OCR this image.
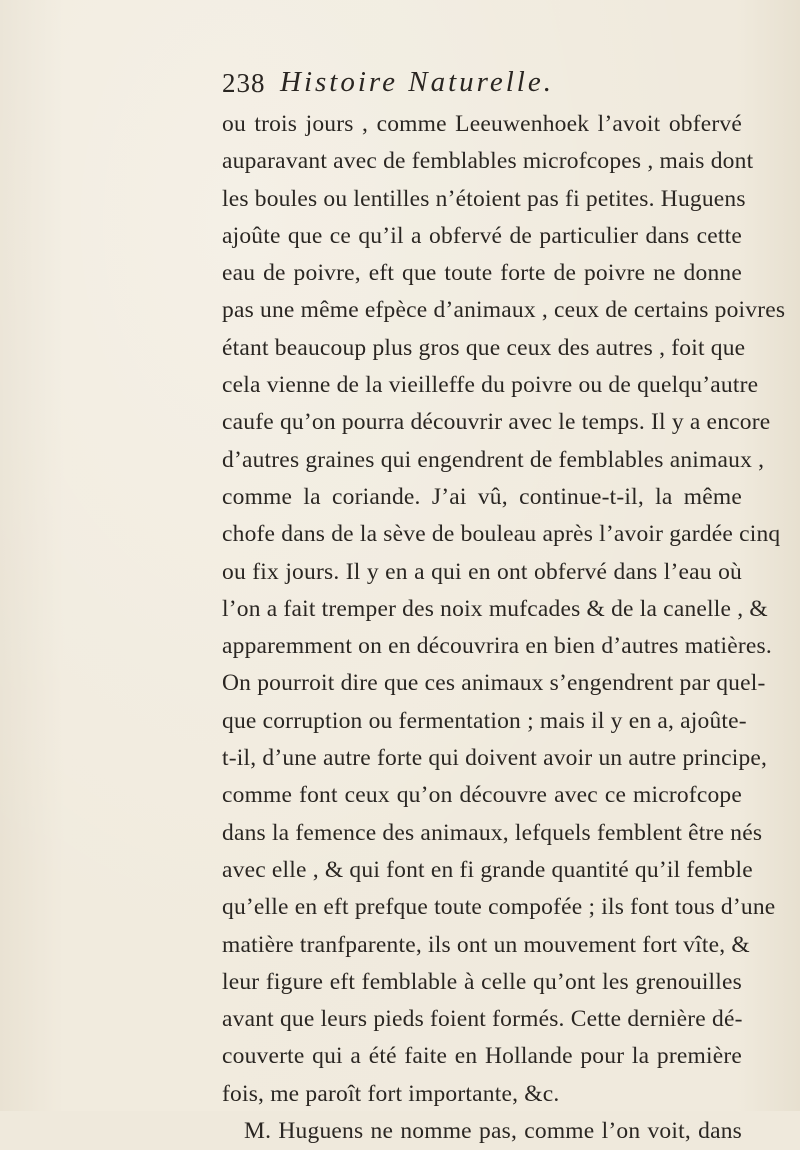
238 Histoire Naturelle.
ou trois jours , comme Leeuwenhoek l’avoit obfervé
auparavant avec de femblables microfcopes , mais dont
les boules ou lentilles n’étoient pas fi petites. Huguens
ajoûte que ce qu’il a obfervé de particulier dans cette
eau de poivre, eft que toute forte de poivre ne donne
pas une même efpèce d’animaux , ceux de certains poivres
étant beaucoup plus gros que ceux des autres , foit que
cela vienne de la vieilleffe du poivre ou de quelqu’autre
caufe qu’on pourra découvrir avec le temps. Il y a encore
d’autres graines qui engendrent de femblables animaux ,
comme la coriande. J’ai vû, continue-t-il, la même
chofe dans de la sève de bouleau après l’avoir gardée cinq
ou fix jours. Il y en a qui en ont obfervé dans l’eau où
l’on a fait tremper des noix mufcades & de la canelle , &
apparemment on en découvrira en bien d’autres matières.
On pourroit dire que ces animaux s’engendrent par quel-
que corruption ou fermentation ; mais il y en a, ajoûte-
t-il, d’une autre forte qui doivent avoir un autre principe,
comme font ceux qu’on découvre avec ce microfcope
dans la femence des animaux, lefquels femblent être nés
avec elle , & qui font en fi grande quantité qu’il femble
qu’elle en eft prefque toute compofée ; ils font tous d’une
matière tranfparente, ils ont un mouvement fort vîte, &
leur figure eft femblable à celle qu’ont les grenouilles
avant que leurs pieds foient formés. Cette dernière dé-
couverte qui a été faite en Hollande pour la première
fois, me paroît fort importante, &c.
M. Huguens ne nomme pas, comme l’on voit, dans
